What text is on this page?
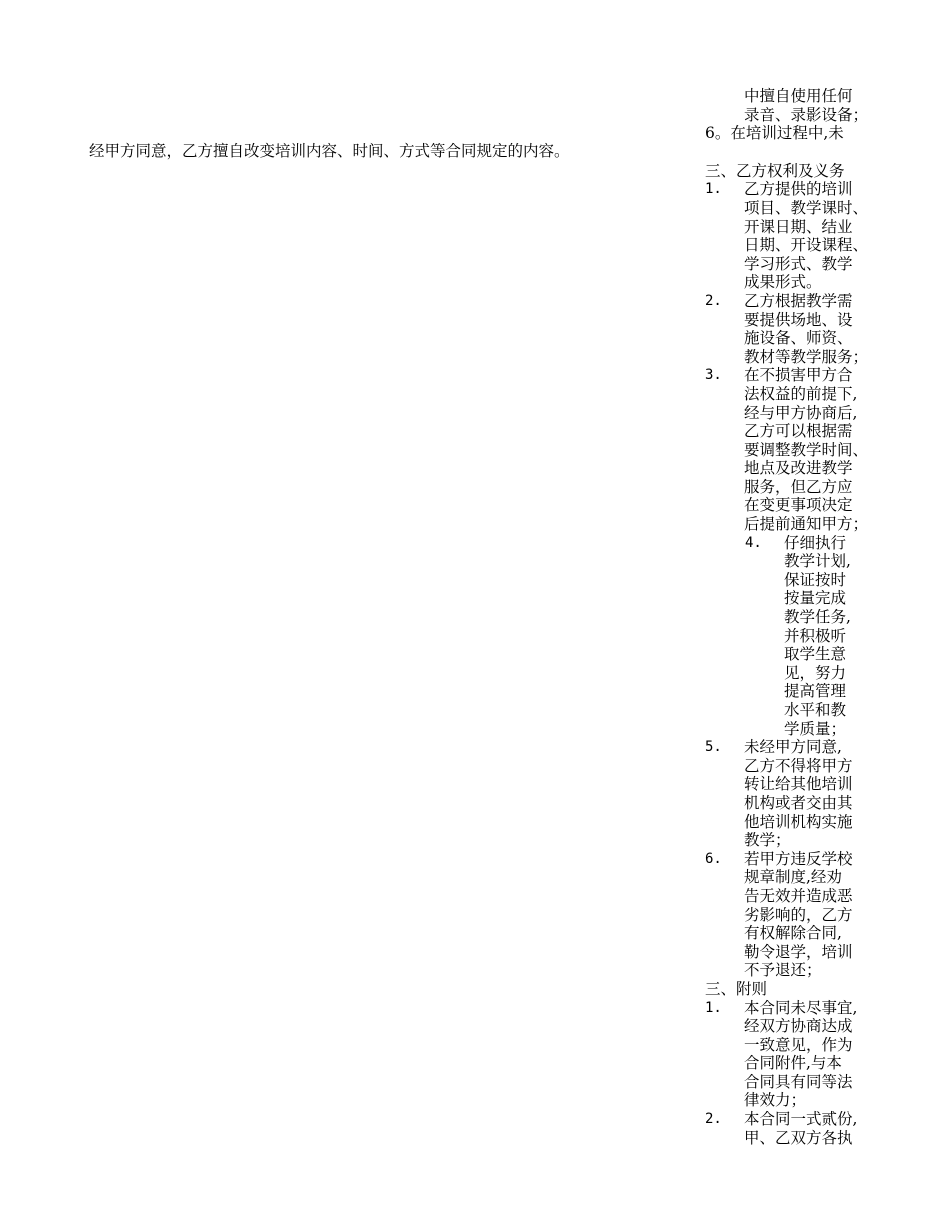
经甲方同意，乙方擅自改变培训内容、时间、方式等合同规定的内容。
中擅自使用任何
录音、录影设备；
6。在培训过程中,未
三、乙方权利及义务
1.	乙方提供的培训
项目、教学课时、
开课日期、结业
日期、开设课程、
学习形式、教学
成果形式。
2.	乙方根据教学需
要提供场地、设
施设备、师资、
教材等教学服务；
3.	在不损害甲方合
法权益的前提下,
经与甲方协商后,
乙方可以根据需
要调整教学时间、
地点及改进教学
服务，但乙方应
在变更事项决定
后提前通知甲方；
4.	仔细执行
教学计划,
保证按时
按量完成
教学任务,
并积极听
取学生意
见，努力
提高管理
水平和教
学质量；
5.	未经甲方同意,
乙方不得将甲方
转让给其他培训
机构或者交由其
他培训机构实施
教学；
6.	若甲方违反学校
规章制度,经劝
告无效并造成恶
劣影响的，乙方
有权解除合同,
勒令退学，培训
不予退还；
三、附则
1.	本合同未尽事宜,
经双方协商达成
一致意见，作为
合同附件,与本
合同具有同等法
律效力；
2.	本合同一式贰份,
甲、乙双方各执
